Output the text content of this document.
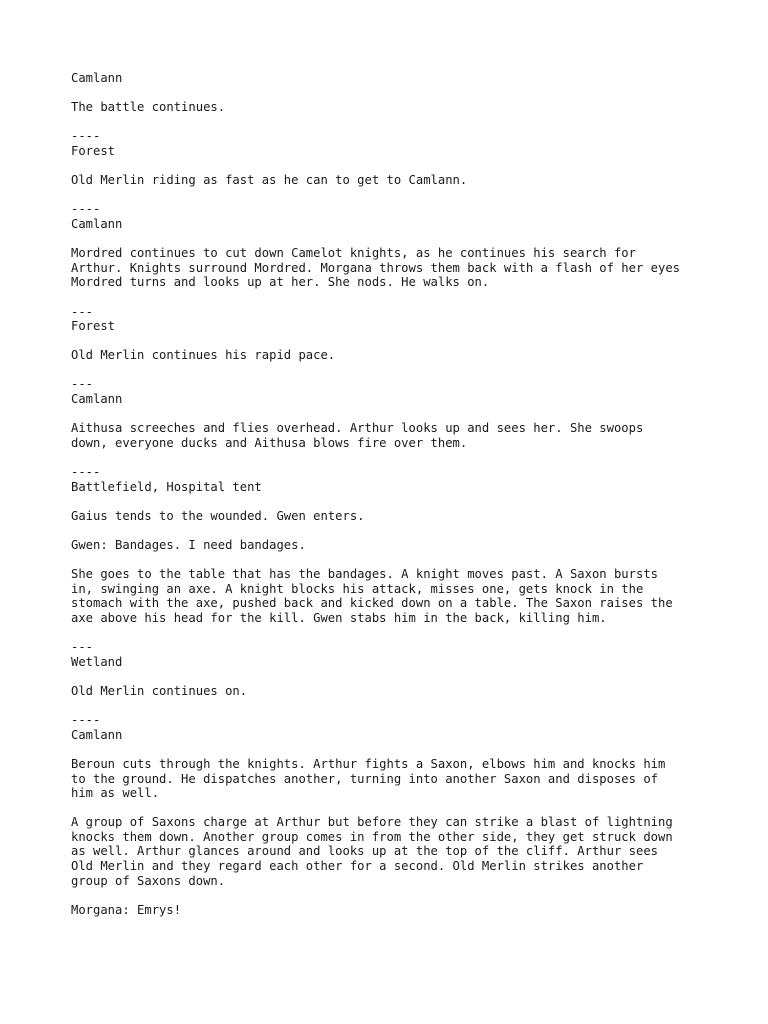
Camlann
The battle continues.
----
Forest
Old Merlin riding as fast as he can to get to Camlann.
----
Camlann
Mordred continues to cut down Camelot knights, as he continues his search for
Arthur. Knights surround Mordred. Morgana throws them back with a flash of her eyes
Mordred turns and looks up at her. She nods. He walks on.
---
Forest
Old Merlin continues his rapid pace.
---
Camlann
Aithusa screeches and flies overhead. Arthur looks up and sees her. She swoops
down, everyone ducks and Aithusa blows fire over them.
----
Battlefield, Hospital tent
Gaius tends to the wounded. Gwen enters.
Gwen: Bandages. I need bandages.
She goes to the table that has the bandages. A knight moves past. A Saxon bursts
in, swinging an axe. A knight blocks his attack, misses one, gets knock in the
stomach with the axe, pushed back and kicked down on a table. The Saxon raises the
axe above his head for the kill. Gwen stabs him in the back, killing him.
---
Wetland
Old Merlin continues on.
----
Camlann
Beroun cuts through the knights. Arthur fights a Saxon, elbows him and knocks him
to the ground. He dispatches another, turning into another Saxon and disposes of
him as well.
A group of Saxons charge at Arthur but before they can strike a blast of lightning
knocks them down. Another group comes in from the other side, they get struck down
as well. Arthur glances around and looks up at the top of the cliff. Arthur sees
Old Merlin and they regard each other for a second. Old Merlin strikes another
group of Saxons down.
Morgana: Emrys!
